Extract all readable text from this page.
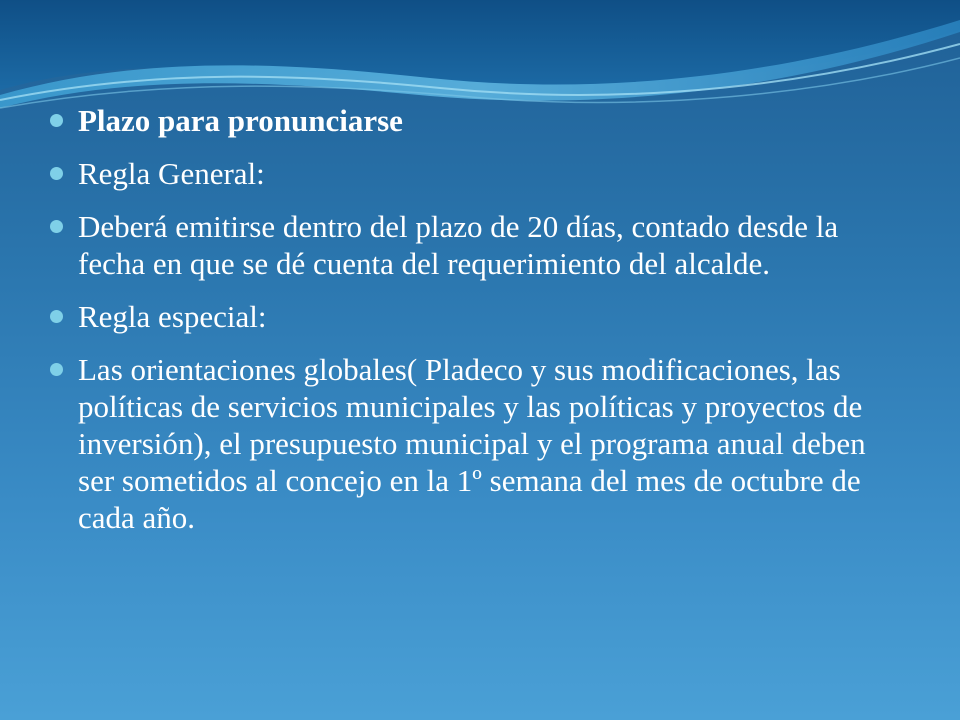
Plazo para pronunciarse
Regla General:
Deberá emitirse dentro del plazo de 20 días, contado desde la fecha en que se dé cuenta del requerimiento del alcalde.
Regla especial:
Las orientaciones globales( Pladeco y sus modificaciones, las políticas de servicios municipales y las políticas y proyectos de inversión), el presupuesto municipal y el programa anual deben ser sometidos al concejo en la 1º semana del mes de octubre de cada año.
